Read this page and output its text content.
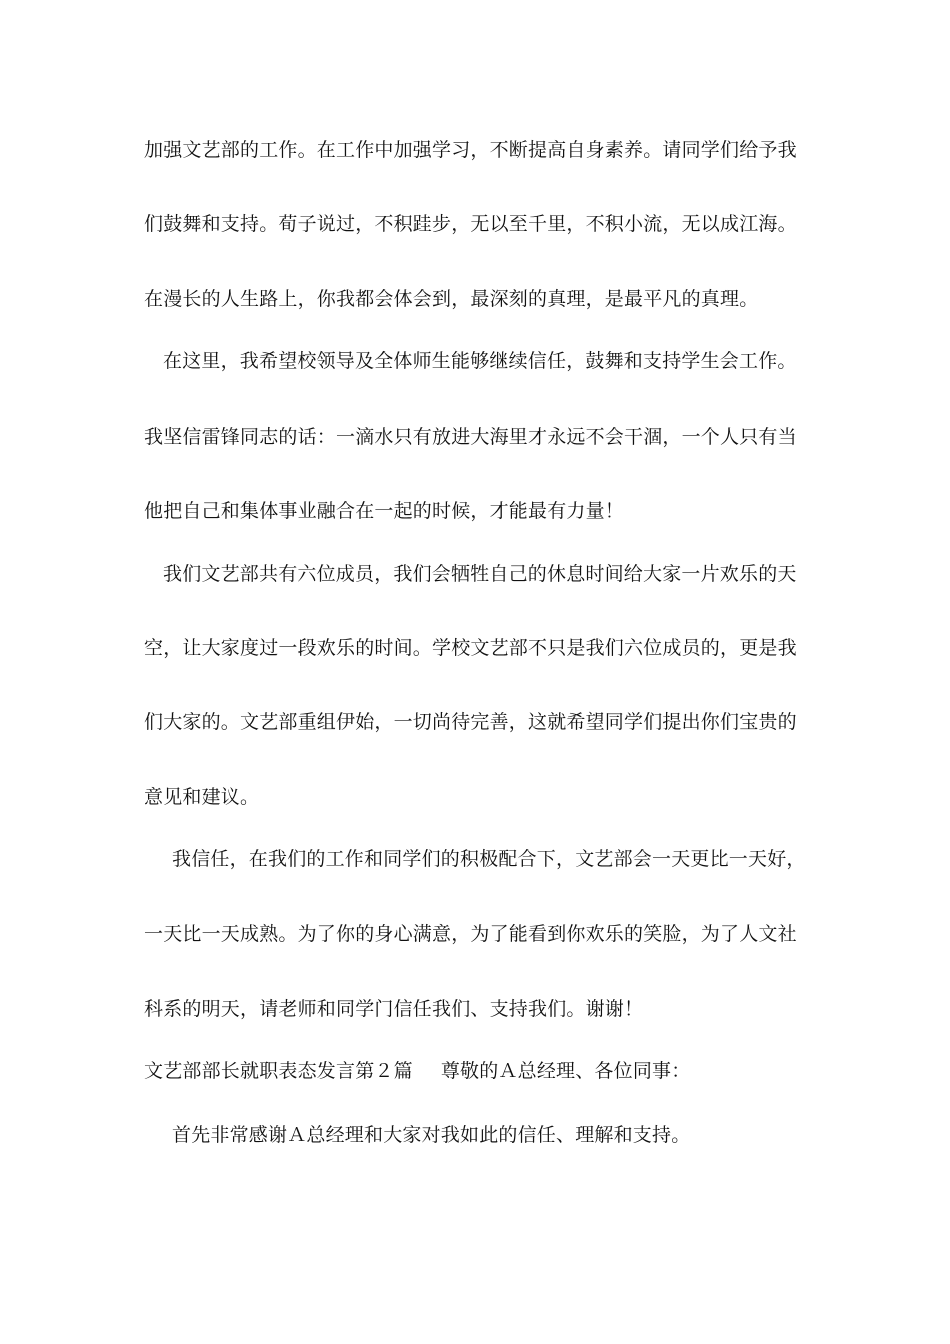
加强文艺部的工作。在工作中加强学习，不断提高自身素养。请同学们给予我
们鼓舞和支持。荀子说过，不积跬步，无以至千里，不积小流，无以成江海。
在漫长的人生路上，你我都会体会到，最深刻的真理，是最平凡的真理。
在这里，我希望校领导及全体师生能够继续信任，鼓舞和支持学生会工作。
我坚信雷锋同志的话：一滴水只有放进大海里才永远不会干涸，一个人只有当
他把自己和集体事业融合在一起的时候，才能最有力量！
我们文艺部共有六位成员，我们会牺牲自己的休息时间给大家一片欢乐的天
空，让大家度过一段欢乐的时间。学校文艺部不只是我们六位成员的，更是我
们大家的。文艺部重组伊始，一切尚待完善，这就希望同学们提出你们宝贵的
意见和建议。
我信任，在我们的工作和同学们的积极配合下，文艺部会一天更比一天好，
一天比一天成熟。为了你的身心满意，为了能看到你欢乐的笑脸，为了人文社
科系的明天，请老师和同学门信任我们、支持我们。谢谢！
文艺部部长就职表态发言第２篇 尊敬的Ａ总经理、各位同事：
首先非常感谢Ａ总经理和大家对我如此的信任、理解和支持。
